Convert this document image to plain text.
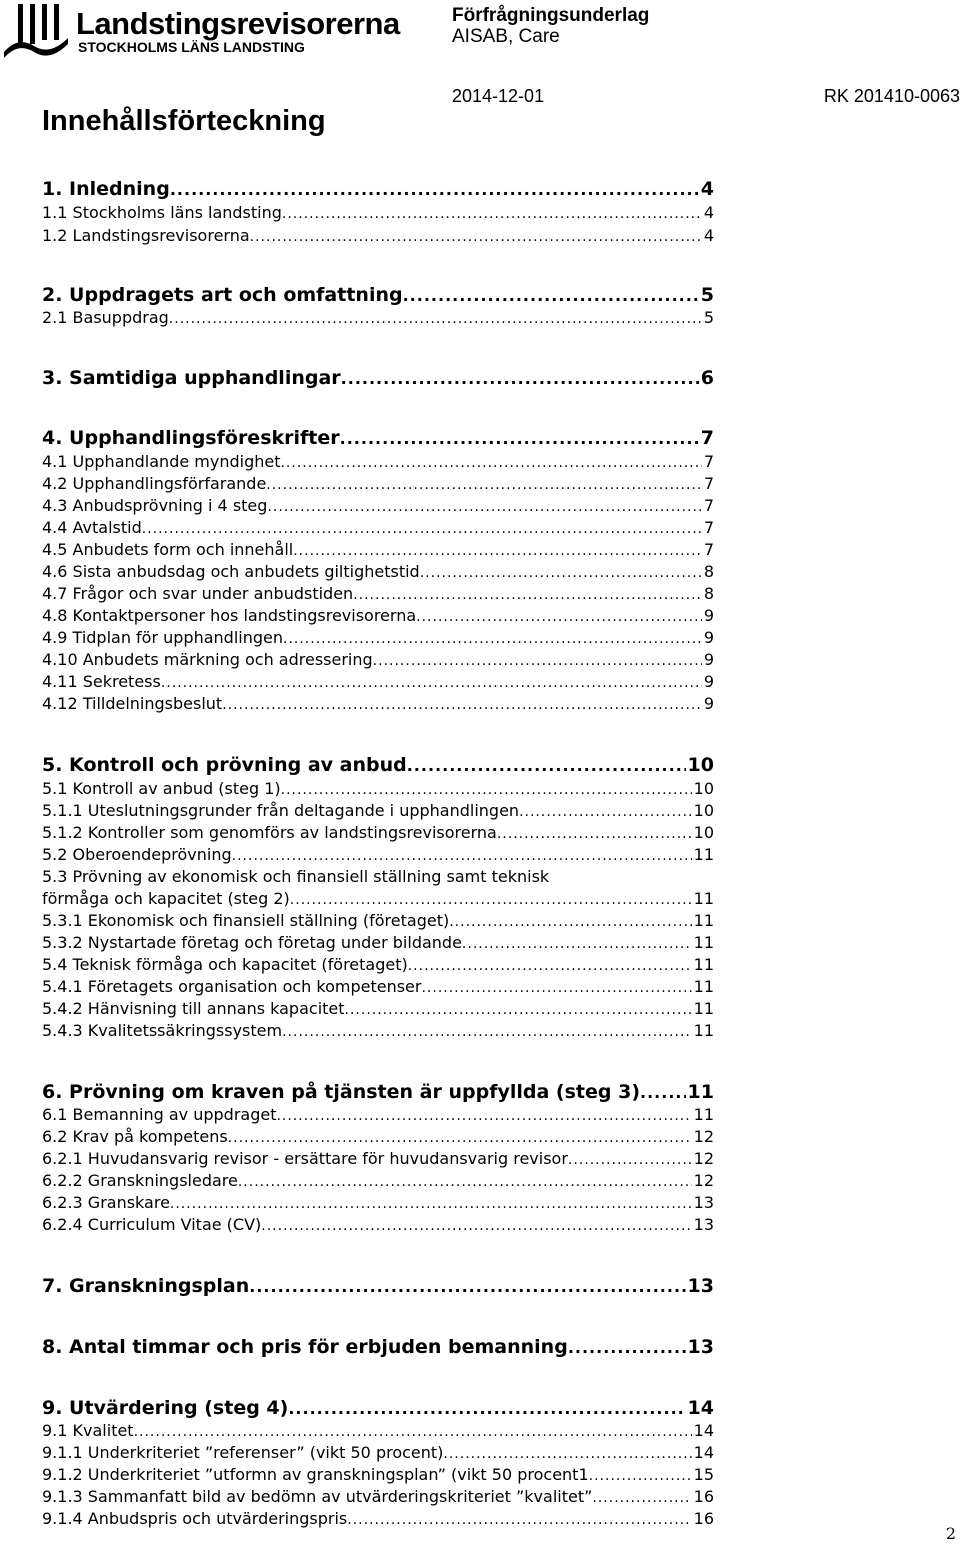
Landstingsrevisorerna
STOCKHOLMS LÄNS LANDSTING
Förfrågningsunderlag
AISAB, Care
2014-12-01	RK 201410-0063
Innehållsförteckning
1. Inledning .....	4
1.1 Stockholms läns landsting .....	4
1.2 Landstingsrevisorerna .....	4
2. Uppdragets art och omfattning .....	5
2.1 Basuppdrag .....	5
3. Samtidiga upphandlingar .....	6
4. Upphandlingsföreskrifter .....	7
4.1 Upphandlande myndighet .....	7
4.2 Upphandlingsförfarande .....	7
4.3 Anbudsprövning i 4 steg .....	7
4.4 Avtalstid .....	7
4.5 Anbudets form och innehåll .....	7
4.6 Sista anbudsdag och anbudets giltighetstid .....	8
4.7 Frågor och svar under anbudstiden .....	8
4.8 Kontaktpersoner hos landstingsrevisorerna .....	9
4.9 Tidplan för upphandlingen .....	9
4.10 Anbudets märkning och adressering .....	9
4.11 Sekretess .....	9
4.12 Tilldelningsbeslut .....	9
5. Kontroll och prövning av anbud .....	10
5.1 Kontroll av anbud (steg 1) .....	10
5.1.1 Uteslutningsgrunder från deltagande i upphandlingen .....	10
5.1.2 Kontroller som genomförs av landstingsrevisorerna .....	10
5.2 Oberoendeprövning .....	11
5.3 Prövning av ekonomisk och finansiell ställning samt teknisk
förmåga och kapacitet (steg 2) .....	11
5.3.1 Ekonomisk och finansiell ställning (företaget) .....	11
5.3.2 Nystartade företag och företag under bildande .....	11
5.4 Teknisk förmåga och kapacitet (företaget) .....	11
5.4.1 Företagets organisation och kompetenser .....	11
5.4.2 Hänvisning till annans kapacitet .....	11
5.4.3 Kvalitetssäkringssystem .....	11
6. Prövning om kraven på tjänsten är uppfyllda (steg 3) .....	11
6.1 Bemanning av uppdraget .....	11
6.2 Krav på kompetens .....	12
6.2.1 Huvudansvarig revisor - ersättare för huvudansvarig revisor .....	12
6.2.2 Granskningsledare .....	12
6.2.3 Granskare .....	13
6.2.4 Curriculum Vitae (CV) .....	13
7. Granskningsplan .....	13
8. Antal timmar och pris för erbjuden bemanning .....	13
9. Utvärdering (steg 4) .....	14
9.1 Kvalitet .....	14
9.1.1 Underkriteriet ”referenser” (vikt 50 procent) .....	14
9.1.2 Underkriteriet ”utformn av granskningsplan” (vikt 50 procent1 .....	15
9.1.3 Sammanfatt bild av bedömn av utvärderingskriteriet ”kvalitet” .....	16
9.1.4 Anbudspris och utvärderingspris .....	16
2
